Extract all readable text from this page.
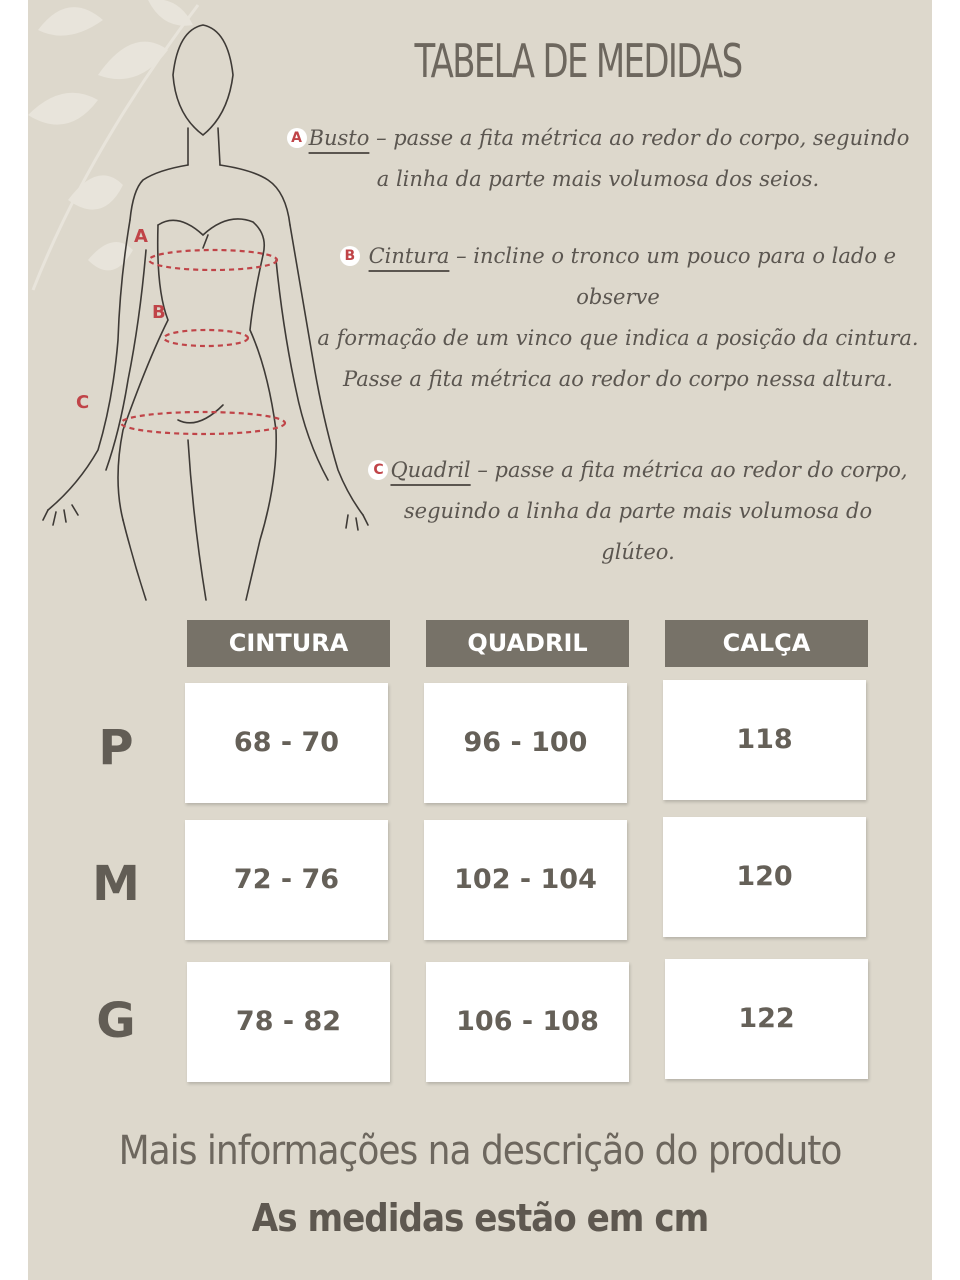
A
B
C
TABELA DE MEDIDAS
A Busto – passe a fita métrica ao redor do corpo, seguindo
a linha da parte mais volumosa dos seios.
B Cintura – incline o tronco um pouco para o lado e
observe
a formação de um vinco que indica a posição da cintura.
Passe a fita métrica ao redor do corpo nessa altura.
C Quadril – passe a fita métrica ao redor do corpo,
seguindo a linha da parte mais volumosa do
glúteo.
CINTURA	QUADRIL	CALÇA
P	68 - 70	96 - 100	118
M	72 - 76	102 - 104	120
G	78 - 82	106 - 108	122
Mais informações na descrição do produto
As medidas estão em cm
